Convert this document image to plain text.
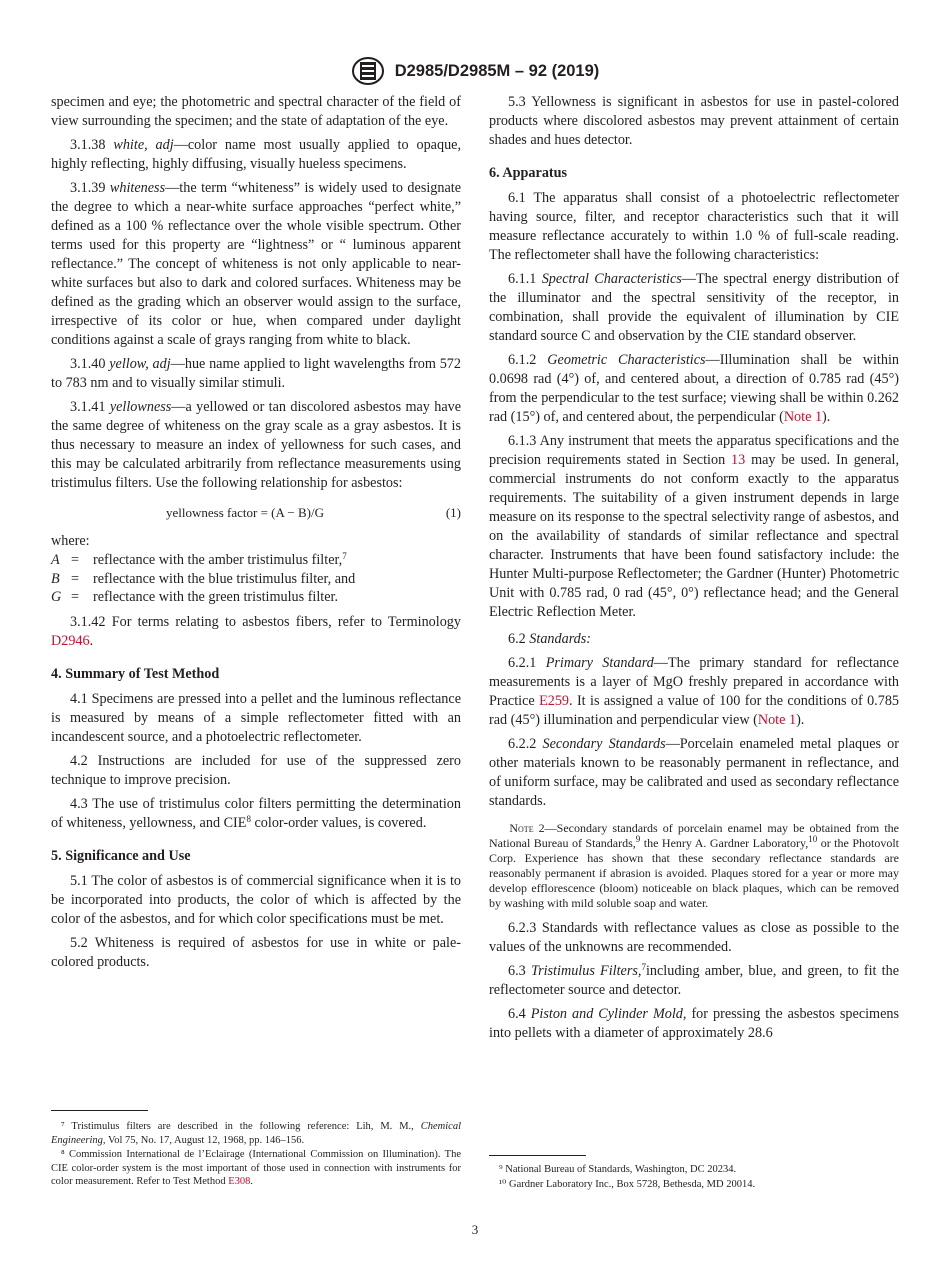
D2985/D2985M – 92 (2019)

specimen and eye; the photometric and spectral character of the field of view surrounding the specimen; and the state of adaptation of the eye.

3.1.38 white, adj—color name most usually applied to opaque, highly reflecting, highly diffusing, visually hueless specimens.

3.1.39 whiteness—the term “whiteness” is widely used to designate the degree to which a near-white surface approaches “perfect white,” defined as a 100 % reflectance over the whole visible spectrum. Other terms used for this property are “lightness” or “ luminous apparent reflectance.” The concept of whiteness is not only applicable to near-white surfaces but also to dark and colored surfaces. Whiteness may be defined as the grading which an observer would assign to the surface, irrespective of its color or hue, when compared under daylight conditions against a scale of grays ranging from white to black.

3.1.40 yellow, adj—hue name applied to light wavelengths from 572 to 783 nm and to visually similar stimuli.

3.1.41 yellowness—a yellowed or tan discolored asbestos may have the same degree of whiteness on the gray scale as a gray asbestos. It is thus necessary to measure an index of yellowness for such cases, and this may be calculated arbitrarily from reflectance measurements using tristimulus filters. Use the following relationship for asbestos:

yellowness factor = (A − B)/G	(1)
where:
A = reflectance with the amber tristimulus filter,$^7$
B = reflectance with the blue tristimulus filter, and
G = reflectance with the green tristimulus filter.

3.1.42 For terms relating to asbestos fibers, refer to Terminology D2946.

4. Summary of Test Method

4.1 Specimens are pressed into a pellet and the luminous reflectance is measured by means of a simple reflectometer fitted with an incandescent source, and a photoelectric reflectometer.

4.2 Instructions are included for use of the suppressed zero technique to improve precision.

4.3 The use of tristimulus color filters permitting the determination of whiteness, yellowness, and CIE$^8$ color-order values, is covered.

5. Significance and Use

5.1 The color of asbestos is of commercial significance when it is to be incorporated into products, the color of which is affected by the color of the asbestos, and for which color specifications must be met.

5.2 Whiteness is required of asbestos for use in white or pale-colored products.

⁷ Tristimulus filters are described in the following reference: Lih, M. M., Chemical Engineering, Vol 75, No. 17, August 12, 1968, pp. 146–156.

⁸ Commission International de l’Eclairage (International Commission on Illumination). The CIE color-order system is the most important of those used in connection with instruments for color measurement. Refer to Test Method E308.

5.3 Yellowness is significant in asbestos for use in pastel-colored products where discolored asbestos may prevent attainment of certain shades and hues detector.

6. Apparatus

6.1 The apparatus shall consist of a photoelectric reflectometer having source, filter, and receptor characteristics such that it will measure reflectance accurately to within 1.0 % of full-scale reading. The reflectometer shall have the following characteristics:

6.1.1 Spectral Characteristics—The spectral energy distribution of the illuminator and the spectral sensitivity of the receptor, in combination, shall provide the equivalent of illumination by CIE standard source C and observation by the CIE standard observer.

6.1.2 Geometric Characteristics—Illumination shall be within 0.0698 rad (4°) of, and centered about, a direction of 0.785 rad (45°) from the perpendicular to the test surface; viewing shall be within 0.262 rad (15°) of, and centered about, the perpendicular (Note 1).

6.1.3 Any instrument that meets the apparatus specifications and the precision requirements stated in Section 13 may be used. In general, commercial instruments do not conform exactly to the apparatus requirements. The suitability of a given instrument depends in large measure on its response to the spectral selectivity range of asbestos, and on the availability of standards of similar reflectance and spectral character. Instruments that have been found satisfactory include: the Hunter Multi-purpose Reflectometer; the Gardner (Hunter) Photometric Unit with 0.785 rad, 0 rad (45°, 0°) reflectance head; and the General Electric Reflection Meter.

6.2 Standards:

6.2.1 Primary Standard—The primary standard for reflectance measurements is a layer of MgO freshly prepared in accordance with Practice E259. It is assigned a value of 100 for the conditions of 0.785 rad (45°) illumination and perpendicular view (Note 1).

6.2.2 Secondary Standards—Porcelain enameled metal plaques or other materials known to be reasonably permanent in reflectance, and of uniform surface, may be calibrated and used as secondary reflectance standards.

Note 2—Secondary standards of porcelain enamel may be obtained from the National Bureau of Standards,$^9$ the Henry A. Gardner Laboratory,$^{10}$ or the Photovolt Corp. Experience has shown that these secondary reflectance standards are reasonably permanent if abrasion is avoided. Plaques stored for a year or more may develop efflorescence (bloom) noticeable on black plaques, which can be removed by washing with mild soluble soap and water.

6.2.3 Standards with reflectance values as close as possible to the values of the unknowns are recommended.

6.3 Tristimulus Filters,$^7$including amber, blue, and green, to fit the reflectometer source and detector.

6.4 Piston and Cylinder Mold, for pressing the asbestos specimens into pellets with a diameter of approximately 28.6

⁹ National Bureau of Standards, Washington, DC 20234.

¹⁰ Gardner Laboratory Inc., Box 5728, Bethesda, MD 20014.

3
